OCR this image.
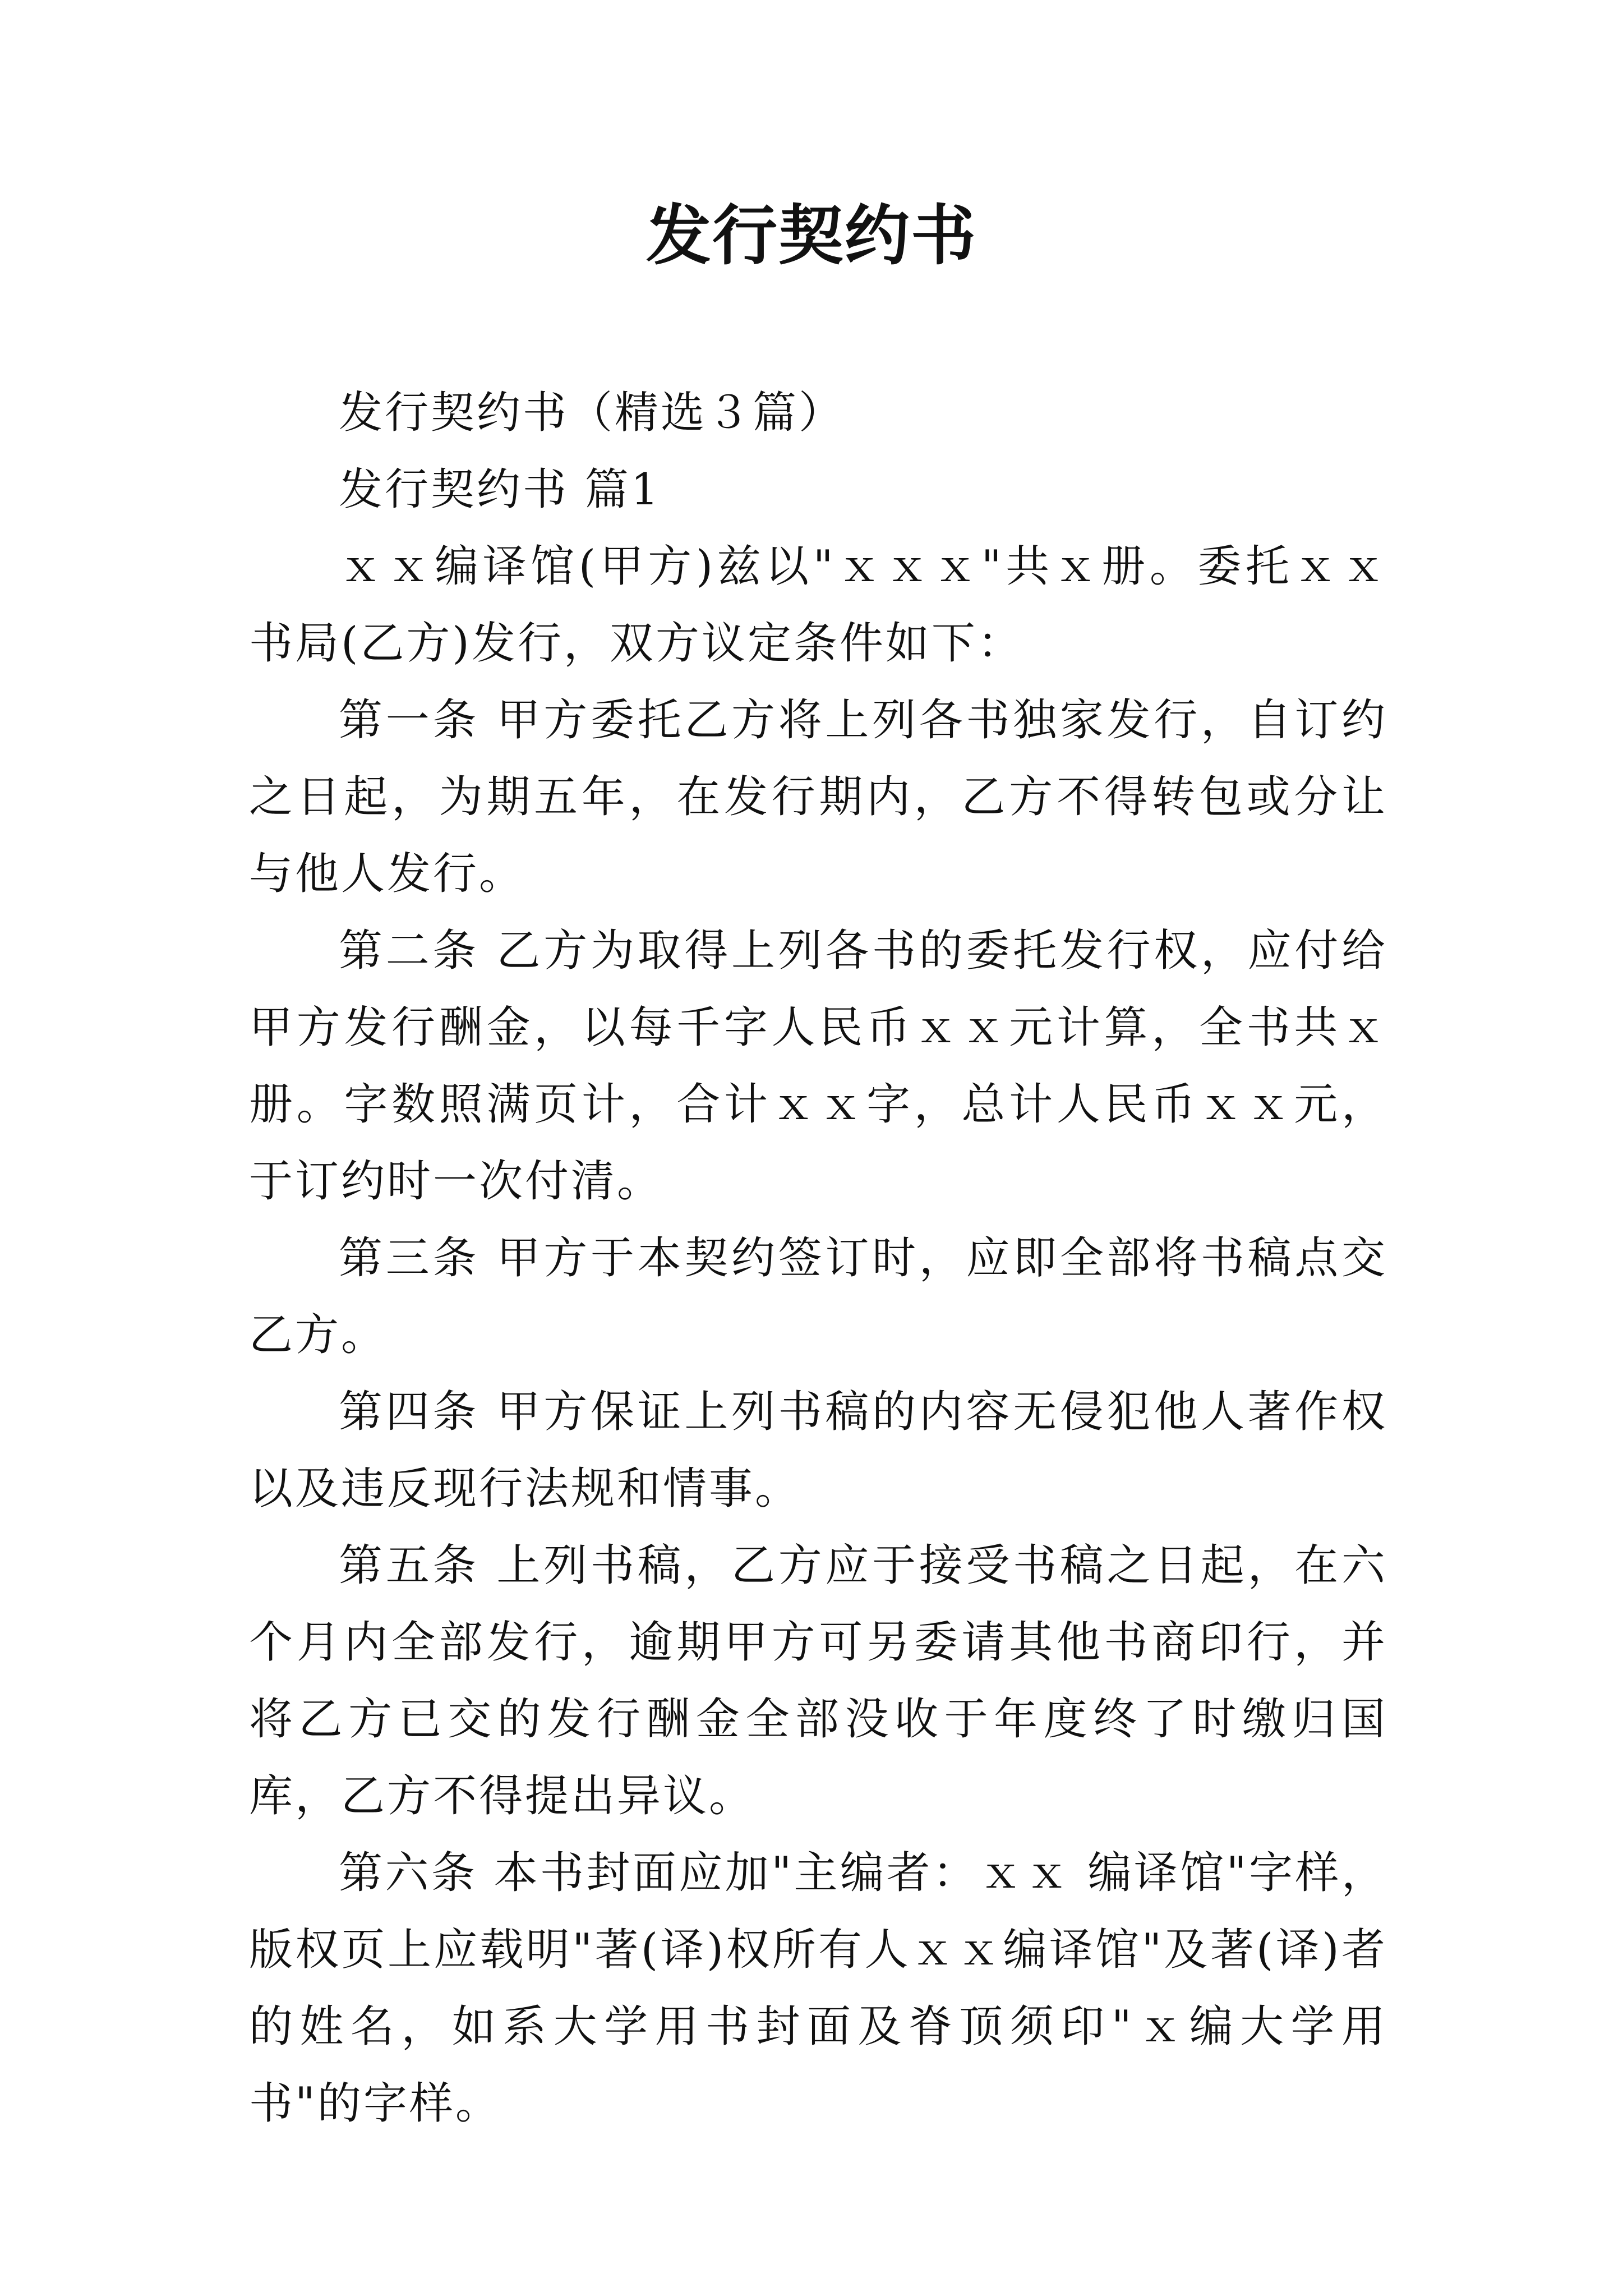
发行契约书

发行契约书（精选３篇）

发行契约书 篇1

ｘｘ编译馆(甲方)兹以"ｘｘｘ"共ｘ册。委托ｘｘ书局(乙方)发行，双方议定条件如下：

第一条 甲方委托乙方将上列各书独家发行，自订约之日起，为期五年，在发行期内，乙方不得转包或分让与他人发行。

第二条 乙方为取得上列各书的委托发行权，应付给甲方发行酬金，以每千字人民币ｘｘ元计算，全书共ｘ册。字数照满页计，合计ｘｘ字，总计人民币ｘｘ元，于订约时一次付清。

第三条 甲方于本契约签订时，应即全部将书稿点交乙方。

第四条 甲方保证上列书稿的内容无侵犯他人著作权以及违反现行法规和情事。

第五条 上列书稿，乙方应于接受书稿之日起，在六个月内全部发行，逾期甲方可另委请其他书商印行，并将乙方已交的发行酬金全部没收于年度终了时缴归国库，乙方不得提出异议。

第六条 本书封面应加"主编者：ｘｘ 编译馆"字样，版权页上应载明"著(译)权所有人ｘｘ编译馆"及著(译)者的姓名，如系大学用书封面及脊顶须印"ｘ编大学用书"的字样。
